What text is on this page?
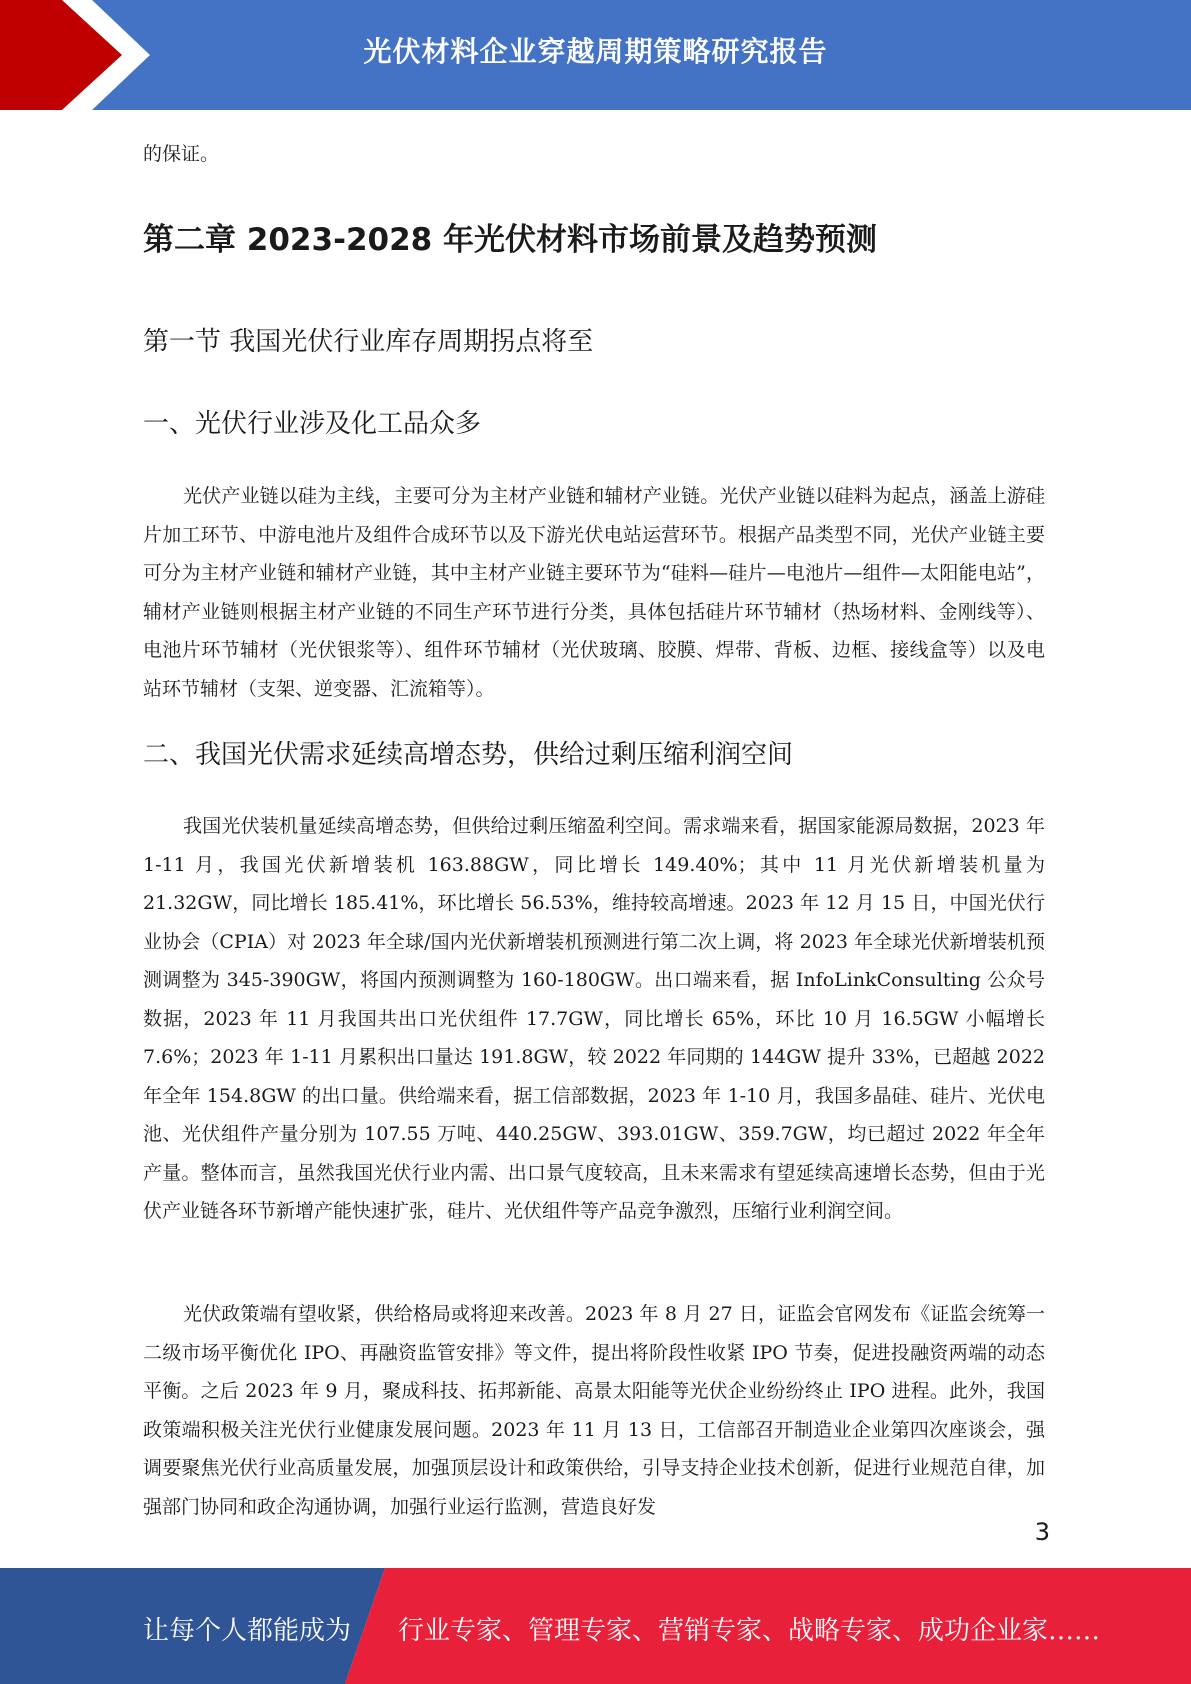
光伏材料企业穿越周期策略研究报告

的保证。

第二章 2023-2028 年光伏材料市场前景及趋势预测
第一节 我国光伏行业库存周期拐点将至
一、光伏行业涉及化工品众多

光伏产业链以硅为主线，主要可分为主材产业链和辅材产业链。光伏产业链以硅料为起点，涵盖上游硅片加工环节、中游电池片及组件合成环节以及下游光伏电站运营环节。根据产品类型不同，光伏产业链主要可分为主材产业链和辅材产业链，其中主材产业链主要环节为“硅料—硅片—电池片—组件—太阳能电站”，辅材产业链则根据主材产业链的不同生产环节进行分类，具体包括硅片环节辅材（热场材料、金刚线等）、电池片环节辅材（光伏银浆等）、组件环节辅材（光伏玻璃、胶膜、焊带、背板、边框、接线盒等）以及电站环节辅材（支架、逆变器、汇流箱等）。

二、我国光伏需求延续高增态势，供给过剩压缩利润空间

我国光伏装机量延续高增态势，但供给过剩压缩盈利空间。需求端来看，据国家能源局数据，2023 年 1-11 月，我国光伏新增装机 163.88GW，同比增长 149.40%；其中 11 月光伏新增装机量为 21.32GW，同比增长 185.41%，环比增长 56.53%，维持较高增速。2023 年 12 月 15 日，中国光伏行业协会（CPIA）对 2023 年全球/国内光伏新增装机预测进行第二次上调，将 2023 年全球光伏新增装机预测调整为 345-390GW，将国内预测调整为 160-180GW。出口端来看，据 InfoLinkConsulting 公众号数据，2023 年 11 月我国共出口光伏组件 17.7GW，同比增长 65%，环比 10 月 16.5GW 小幅增长 7.6%；2023 年 1-11 月累积出口量达 191.8GW，较 2022 年同期的 144GW 提升 33%，已超越 2022 年全年 154.8GW 的出口量。供给端来看，据工信部数据，2023 年 1-10 月，我国多晶硅、硅片、光伏电池、光伏组件产量分别为 107.55 万吨、440.25GW、393.01GW、359.7GW，均已超过 2022 年全年产量。整体而言，虽然我国光伏行业内需、出口景气度较高，且未来需求有望延续高速增长态势，但由于光伏产业链各环节新增产能快速扩张，硅片、光伏组件等产品竞争激烈，压缩行业利润空间。

光伏政策端有望收紧，供给格局或将迎来改善。2023 年 8 月 27 日，证监会官网发布《证监会统筹一二级市场平衡优化 IPO、再融资监管安排》等文件，提出将阶段性收紧 IPO 节奏，促进投融资两端的动态平衡。之后 2023 年 9 月，聚成科技、拓邦新能、高景太阳能等光伏企业纷纷终止 IPO 进程。此外，我国政策端积极关注光伏行业健康发展问题。2023 年 11 月 13 日，工信部召开制造业企业第四次座谈会，强调要聚焦光伏行业高质量发展，加强顶层设计和政策供给，引导支持企业技术创新，促进行业规范自律，加强部门协同和政企沟通协调，加强行业运行监测，营造良好发

3
让每个人都能成为 行业专家、管理专家、营销专家、战略专家、成功企业家……
